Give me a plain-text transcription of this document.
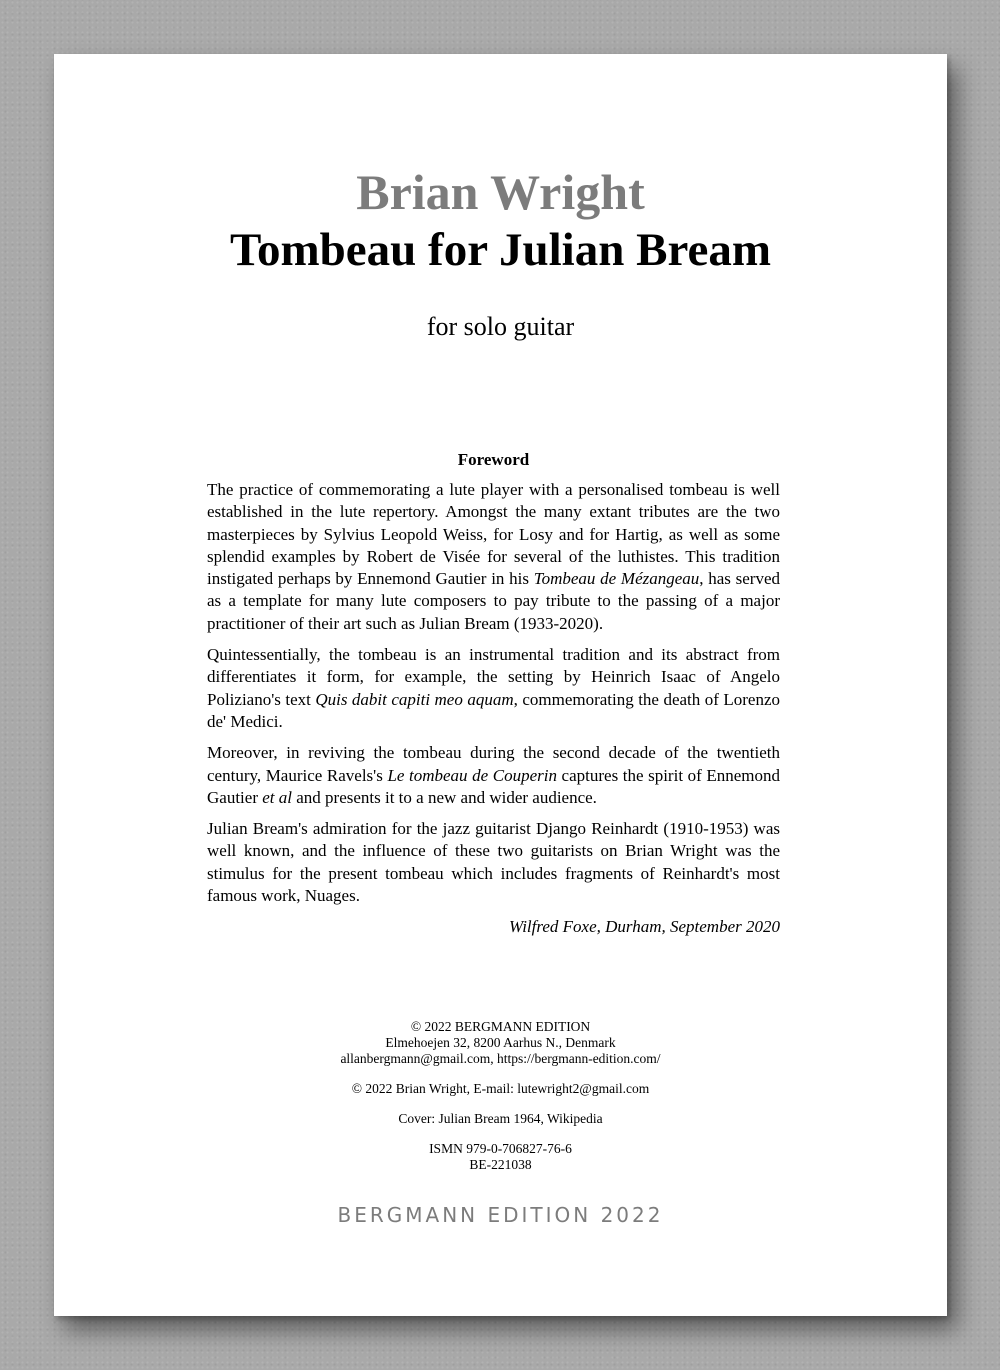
Brian Wright
Tombeau for Julian Bream
for solo guitar
Foreword

The practice of commemorating a lute player with a personalised tombeau is well established in the lute repertory. Amongst the many extant tributes are the two masterpieces by Sylvius Leopold Weiss, for Losy and for Hartig, as well as some splendid examples by Robert de Visée for several of the luthistes. This tradition instigated perhaps by Ennemond Gautier in his Tombeau de Mézangeau, has served as a template for many lute composers to pay tribute to the passing of a major practitioner of their art such as Julian Bream (1933-2020).

Quintessentially, the tombeau is an instrumental tradition and its abstract from differentiates it form, for example, the setting by Heinrich Isaac of Angelo Poliziano's text Quis dabit capiti meo aquam, commemorating the death of Lorenzo de' Medici.

Moreover, in reviving the tombeau during the second decade of the twentieth century, Maurice Ravels's Le tombeau de Couperin captures the spirit of Ennemond Gautier et al and presents it to a new and wider audience.

Julian Bream's admiration for the jazz guitarist Django Reinhardt (1910-1953) was well known, and the influence of these two guitarists on Brian Wright was the stimulus for the present tombeau which includes fragments of Reinhardt's most famous work, Nuages.

Wilfred Foxe, Durham, September 2020
© 2022 BERGMANN EDITION
Elmehoejen 32, 8200 Aarhus N., Denmark
allanbergmann@gmail.com, https://bergmann-edition.com/
© 2022 Brian Wright, E-mail: lutewright2@gmail.com
Cover: Julian Bream 1964, Wikipedia
ISMN 979-0-706827-76-6
BE-221038
BERGMANN EDITION 2022
